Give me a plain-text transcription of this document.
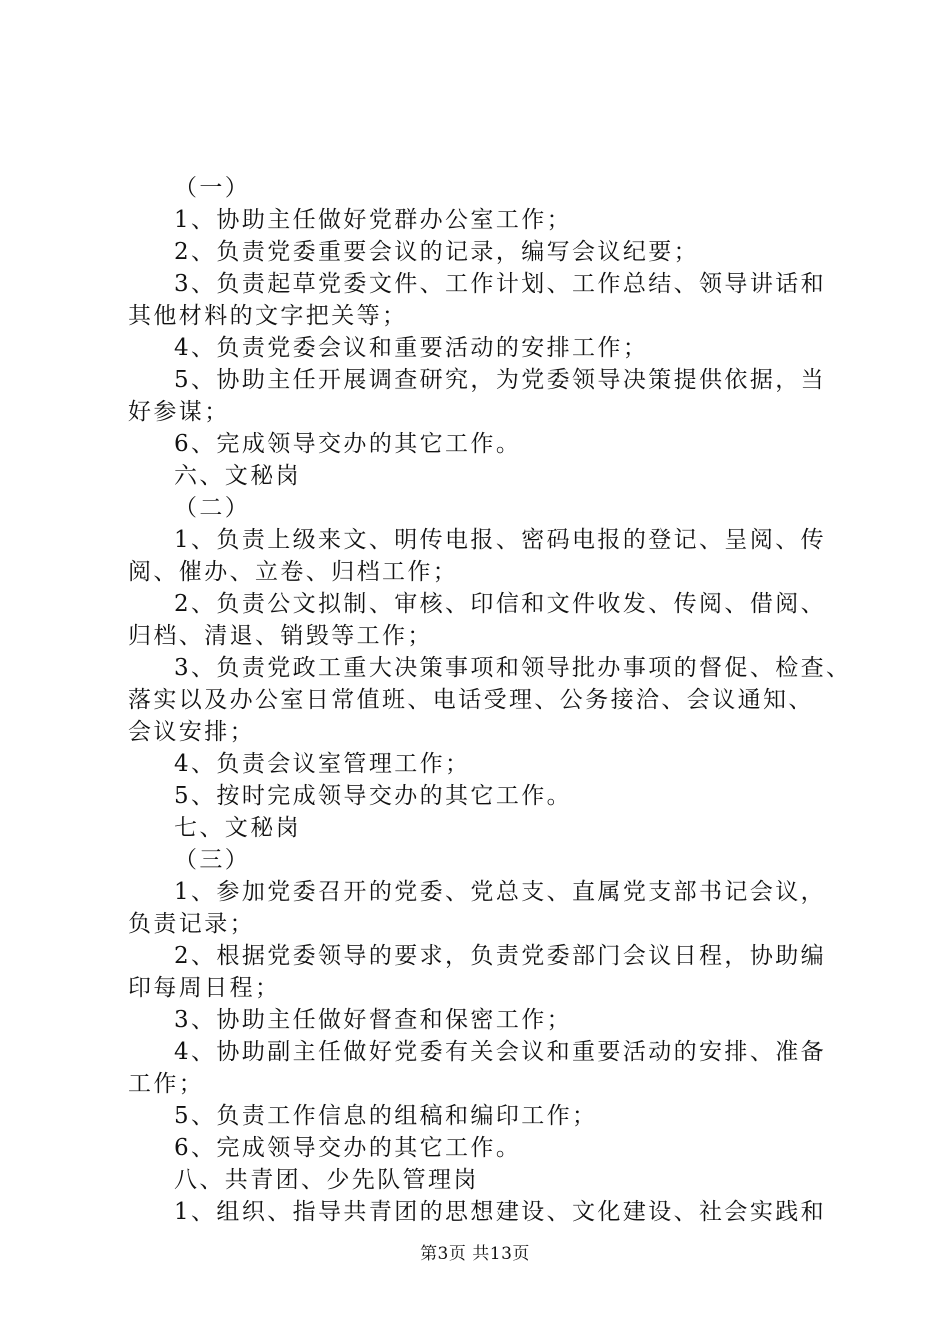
（一）
1、协助主任做好党群办公室工作；
2、负责党委重要会议的记录，编写会议纪要；
3、负责起草党委文件、工作计划、工作总结、领导讲话和
其他材料的文字把关等；
4、负责党委会议和重要活动的安排工作；
5、协助主任开展调查研究，为党委领导决策提供依据，当
好参谋；
6、完成领导交办的其它工作。
六、文秘岗
（二）
1、负责上级来文、明传电报、密码电报的登记、呈阅、传
阅、催办、立卷、归档工作；
2、负责公文拟制、审核、印信和文件收发、传阅、借阅、
归档、清退、销毁等工作；
3、负责党政工重大决策事项和领导批办事项的督促、检查、
落实以及办公室日常值班、电话受理、公务接洽、会议通知、
会议安排；
4、负责会议室管理工作；
5、按时完成领导交办的其它工作。
七、文秘岗
（三）
1、参加党委召开的党委、党总支、直属党支部书记会议，
负责记录；
2、根据党委领导的要求，负责党委部门会议日程，协助编
印每周日程；
3、协助主任做好督查和保密工作；
4、协助副主任做好党委有关会议和重要活动的安排、准备
工作；
5、负责工作信息的组稿和编印工作；
6、完成领导交办的其它工作。
八、共青团、少先队管理岗
1、组织、指导共青团的思想建设、文化建设、社会实践和
第3页 共13页
